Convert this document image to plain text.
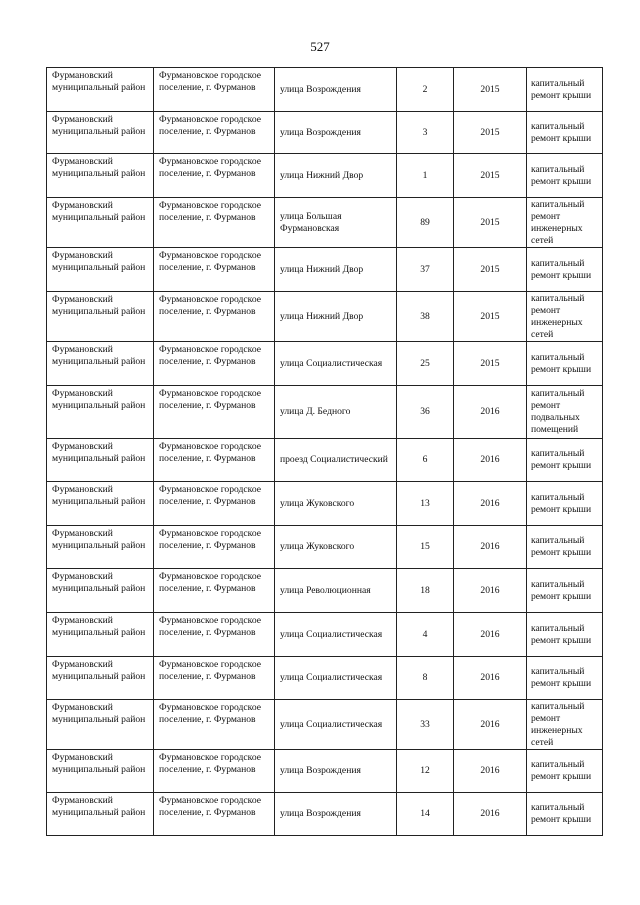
527
Фурмановский муниципальный район	Фурмановское городское поселение, г. Фурманов	улица Возрождения	2	2015	капитальный ремонт крыши
Фурмановский муниципальный район	Фурмановское городское поселение, г. Фурманов	улица Возрождения	3	2015	капитальный ремонт крыши
Фурмановский муниципальный район	Фурмановское городское поселение, г. Фурманов	улица Нижний Двор	1	2015	капитальный ремонт крыши
Фурмановский муниципальный район	Фурмановское городское поселение, г. Фурманов	улица Большая Фурмановская	89	2015	капитальный ремонт инженерных сетей
Фурмановский муниципальный район	Фурмановское городское поселение, г. Фурманов	улица Нижний Двор	37	2015	капитальный ремонт крыши
Фурмановский муниципальный район	Фурмановское городское поселение, г. Фурманов	улица Нижний Двор	38	2015	капитальный ремонт инженерных сетей
Фурмановский муниципальный район	Фурмановское городское поселение, г. Фурманов	улица Социалистическая	25	2015	капитальный ремонт крыши
Фурмановский муниципальный район	Фурмановское городское поселение, г. Фурманов	улица Д. Бедного	36	2016	капитальный ремонт подвальных помещений
Фурмановский муниципальный район	Фурмановское городское поселение, г. Фурманов	проезд Социалистический	6	2016	капитальный ремонт крыши
Фурмановский муниципальный район	Фурмановское городское поселение, г. Фурманов	улица Жуковского	13	2016	капитальный ремонт крыши
Фурмановский муниципальный район	Фурмановское городское поселение, г. Фурманов	улица Жуковского	15	2016	капитальный ремонт крыши
Фурмановский муниципальный район	Фурмановское городское поселение, г. Фурманов	улица Революционная	18	2016	капитальный ремонт крыши
Фурмановский муниципальный район	Фурмановское городское поселение, г. Фурманов	улица Социалистическая	4	2016	капитальный ремонт крыши
Фурмановский муниципальный район	Фурмановское городское поселение, г. Фурманов	улица Социалистическая	8	2016	капитальный ремонт крыши
Фурмановский муниципальный район	Фурмановское городское поселение, г. Фурманов	улица Социалистическая	33	2016	капитальный ремонт инженерных сетей
Фурмановский муниципальный район	Фурмановское городское поселение, г. Фурманов	улица Возрождения	12	2016	капитальный ремонт крыши
Фурмановский муниципальный район	Фурмановское городское поселение, г. Фурманов	улица Возрождения	14	2016	капитальный ремонт крыши
